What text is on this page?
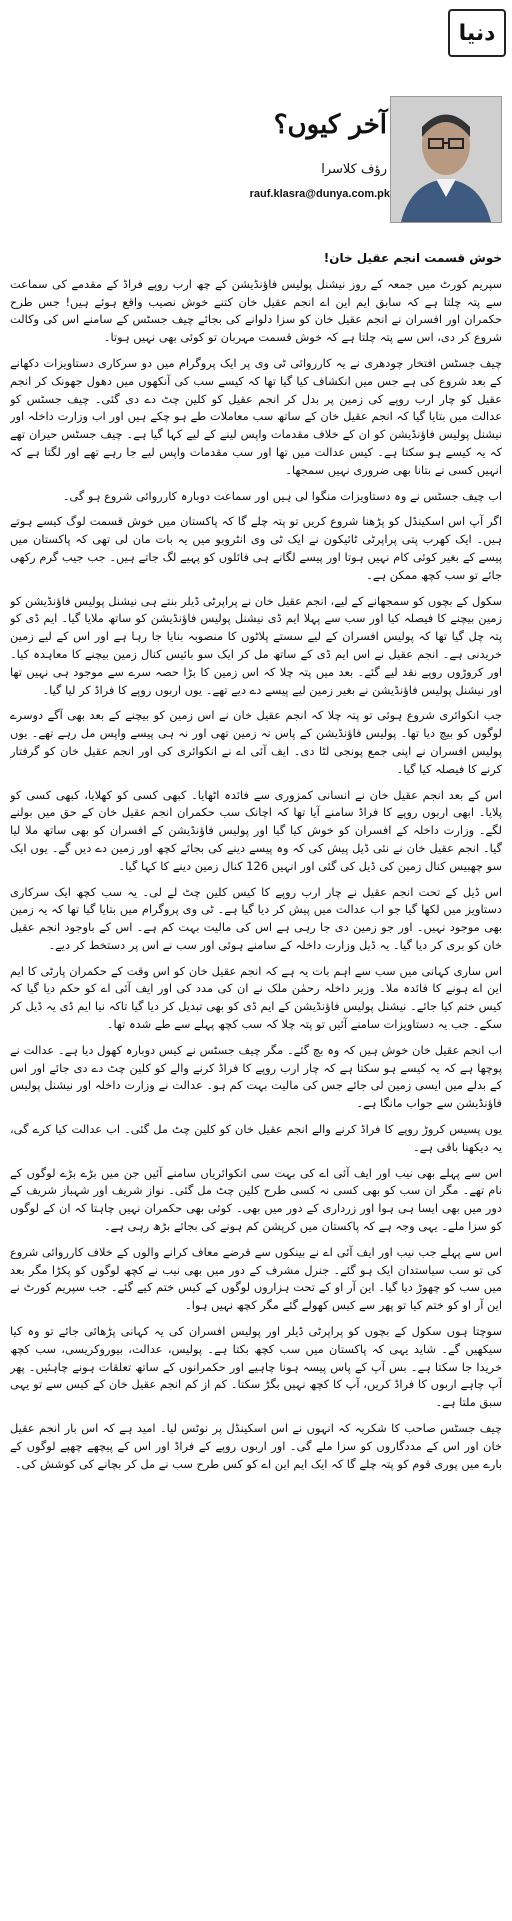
دنیا
آخر کیوں؟
رؤف کلاسرا
rauf.klasra@dunya.com.pk

خوش قسمت انجم عقیل خان!

سپریم کورٹ میں جمعہ کے روز نیشنل پولیس فاؤنڈیشن کے چھ ارب روپے فراڈ کے مقدمے کی سماعت سے پتہ چلتا ہے کہ سابق ایم این اے انجم عقیل خان کتنے خوش نصیب واقع ہوئے ہیں! جس طرح حکمران اور افسران نے انجم عقیل خان کو سزا دلوانے کی بجائے چیف جسٹس کے سامنے اس کی وکالت شروع کر دی، اس سے پتہ چلتا ہے کہ خوش قسمت مہربان تو کوئی بھی نہیں ہوتا۔

چیف جسٹس افتخار چودھری نے یہ کارروائی ٹی وی پر ایک پروگرام میں دو سرکاری دستاویزات دکھانے کے بعد شروع کی ہے جس میں انکشاف کیا گیا تھا کہ کیسے سب کی آنکھوں میں دھول جھونک کر انجم عقیل کو چار ارب روپے کی زمین پر بدل کر انجم عقیل کو کلین چٹ دے دی گئی۔ چیف جسٹس کو عدالت میں بتایا گیا کہ انجم عقیل خان کے ساتھ سب معاملات طے ہو چکے ہیں اور اب وزارت داخلہ اور نیشنل پولیس فاؤنڈیشن کو ان کے خلاف مقدمات واپس لینے کے لیے کہا گیا ہے۔ چیف جسٹس حیران تھے کہ یہ کیسے ہو سکتا ہے۔ کیس عدالت میں تھا اور سب مقدمات واپس لیے جا رہے تھے اور لگتا ہے کہ انہیں کسی نے بتانا بھی ضروری نہیں سمجھا۔

اب چیف جسٹس نے وہ دستاویزات منگوا لی ہیں اور سماعت دوبارہ کارروائی شروع ہو گی۔

اگر آپ اس اسکینڈل کو پڑھنا شروع کریں تو پتہ چلے گا کہ پاکستان میں خوش قسمت لوگ کیسے ہوتے ہیں۔ ایک کھرب پتی پراپرٹی ٹائیکون نے ایک ٹی وی انٹرویو میں یہ بات مان لی تھی کہ پاکستان میں پیسے کے بغیر کوئی کام نہیں ہوتا اور پیسے لگانے ہی فائلوں کو پہیے لگ جاتے ہیں۔ جب جیب گرم رکھی جائے تو سب کچھ ممکن ہے۔

سکول کے بچوں کو سمجھانے کے لیے، انجم عقیل خان نے پراپرٹی ڈیلر بنتے ہی نیشنل پولیس فاؤنڈیشن کو زمین بیچنے کا فیصلہ کیا اور سب سے پہلا ایم ڈی نیشنل پولیس فاؤنڈیشن کو ساتھ ملایا گیا۔ ایم ڈی کو پتہ چل گیا تھا کہ پولیس افسران کے لیے سستے پلاٹوں کا منصوبہ بنایا جا رہا ہے اور اس کے لیے زمین خریدنی ہے۔ انجم عقیل نے اس ایم ڈی کے ساتھ مل کر ایک سو بائیس کنال زمین بیچنے کا معاہدہ کیا۔ اور کروڑوں روپے نقد لیے گئے۔ بعد میں پتہ چلا کہ اس زمین کا بڑا حصہ سرے سے موجود ہی نہیں تھا اور نیشنل پولیس فاؤنڈیشن نے بغیر زمین لیے پیسے دے دیے تھے۔ یوں اربوں روپے کا فراڈ کر لیا گیا۔

جب انکوائری شروع ہوئی تو پتہ چلا کہ انجم عقیل خان نے اس زمین کو بیچنے کے بعد بھی آگے دوسرے لوگوں کو بیچ دیا تھا۔ پولیس فاؤنڈیشن کے پاس نہ زمین تھی اور نہ ہی پیسے واپس مل رہے تھے۔ یوں پولیس افسران نے اپنی جمع پونجی لٹا دی۔ ایف آئی اے نے انکوائری کی اور انجم عقیل خان کو گرفتار کرنے کا فیصلہ کیا گیا۔

اس کے بعد انجم عقیل خان نے انسانی کمزوری سے فائدہ اٹھایا۔ کبھی کسی کو کھلایا، کبھی کسی کو پلایا۔ ابھی اربوں روپے کا فراڈ سامنے آیا تھا کہ اچانک سب حکمران انجم عقیل خان کے حق میں بولنے لگے۔ وزارت داخلہ کے افسران کو خوش کیا گیا اور پولیس فاؤنڈیشن کے افسران کو بھی ساتھ ملا لیا گیا۔ انجم عقیل خان نے نئی ڈیل پیش کی کہ وہ پیسے دینے کی بجائے کچھ اور زمین دے دیں گے۔ یوں ایک سو چھبیس کنال زمین کی ڈیل کی گئی اور انہیں 126 کنال زمین دینے کا کہا گیا۔

اس ڈیل کے تحت انجم عقیل نے چار ارب روپے کا کیس کلین چٹ لے لی۔ یہ سب کچھ ایک سرکاری دستاویز میں لکھا گیا جو اب عدالت میں پیش کر دیا گیا ہے۔ ٹی وی پروگرام میں بتایا گیا تھا کہ یہ زمین بھی موجود نہیں۔ اور جو زمین دی جا رہی ہے اس کی مالیت بہت کم ہے۔ اس کے باوجود انجم عقیل خان کو بری کر دیا گیا۔ یہ ڈیل وزارت داخلہ کے سامنے ہوئی اور سب نے اس پر دستخط کر دیے۔

اس ساری کہانی میں سب سے اہم بات یہ ہے کہ انجم عقیل خان کو اس وقت کے حکمران پارٹی کا ایم این اے ہونے کا فائدہ ملا۔ وزیر داخلہ رحمٰن ملک نے ان کی مدد کی اور ایف آئی اے کو حکم دیا گیا کہ کیس ختم کیا جائے۔ نیشنل پولیس فاؤنڈیشن کے ایم ڈی کو بھی تبدیل کر دیا گیا تاکہ نیا ایم ڈی یہ ڈیل کر سکے۔ جب یہ دستاویزات سامنے آئیں تو پتہ چلا کہ سب کچھ پہلے سے طے شدہ تھا۔

اب انجم عقیل خان خوش ہیں کہ وہ بچ گئے۔ مگر چیف جسٹس نے کیس دوبارہ کھول دیا ہے۔ عدالت نے پوچھا ہے کہ یہ کیسے ہو سکتا ہے کہ چار ارب روپے کا فراڈ کرنے والے کو کلین چٹ دے دی جائے اور اس کے بدلے میں ایسی زمین لی جائے جس کی مالیت بہت کم ہو۔ عدالت نے وزارت داخلہ اور نیشنل پولیس فاؤنڈیشن سے جواب مانگا ہے۔

یوں پسیس کروڑ روپے کا فراڈ کرنے والے انجم عقیل خان کو کلین چٹ مل گئی۔ اب عدالت کیا کرے گی، یہ دیکھنا باقی ہے۔

اس سے پہلے بھی نیب اور ایف آئی اے کی بہت سی انکوائریاں سامنے آئیں جن میں بڑے بڑے لوگوں کے نام تھے۔ مگر ان سب کو بھی کسی نہ کسی طرح کلین چٹ مل گئی۔ نواز شریف اور شہباز شریف کے دور میں بھی ایسا ہی ہوا اور زرداری کے دور میں بھی۔ کوئی بھی حکمران نہیں چاہتا کہ ان کے لوگوں کو سزا ملے۔ یہی وجہ ہے کہ پاکستان میں کرپشن کم ہونے کی بجائے بڑھ رہی ہے۔

اس سے پہلے جب نیب اور ایف آئی اے نے بینکوں سے قرضے معاف کرانے والوں کے خلاف کارروائی شروع کی تو سب سیاستدان ایک ہو گئے۔ جنرل مشرف کے دور میں بھی نیب نے کچھ لوگوں کو پکڑا مگر بعد میں سب کو چھوڑ دیا گیا۔ این آر او کے تحت ہزاروں لوگوں کے کیس ختم کیے گئے۔ جب سپریم کورٹ نے این آر او کو ختم کیا تو پھر سے کیس کھولے گئے مگر کچھ نہیں ہوا۔

سوچتا ہوں سکول کے بچوں کو پراپرٹی ڈیلر اور پولیس افسران کی یہ کہانی پڑھائی جائے تو وہ کیا سیکھیں گے۔ شاید یہی کہ پاکستان میں سب کچھ بکتا ہے۔ پولیس، عدالت، بیوروکریسی، سب کچھ خریدا جا سکتا ہے۔ بس آپ کے پاس پیسہ ہونا چاہیے اور حکمرانوں کے ساتھ تعلقات ہونے چاہئیں۔ پھر آپ چاہے اربوں کا فراڈ کریں، آپ کا کچھ نہیں بگڑ سکتا۔ کم از کم انجم عقیل خان کے کیس سے تو یہی سبق ملتا ہے۔

چیف جسٹس صاحب کا شکریہ کہ انہوں نے اس اسکینڈل پر نوٹس لیا۔ امید ہے کہ اس بار انجم عقیل خان اور اس کے مددگاروں کو سزا ملے گی۔ اور اربوں روپے کے فراڈ اور اس کے پیچھے چھپے لوگوں کے بارے میں پوری قوم کو پتہ چلے گا کہ ایک ایم این اے کو کس طرح سب نے مل کر بچانے کی کوشش کی۔
